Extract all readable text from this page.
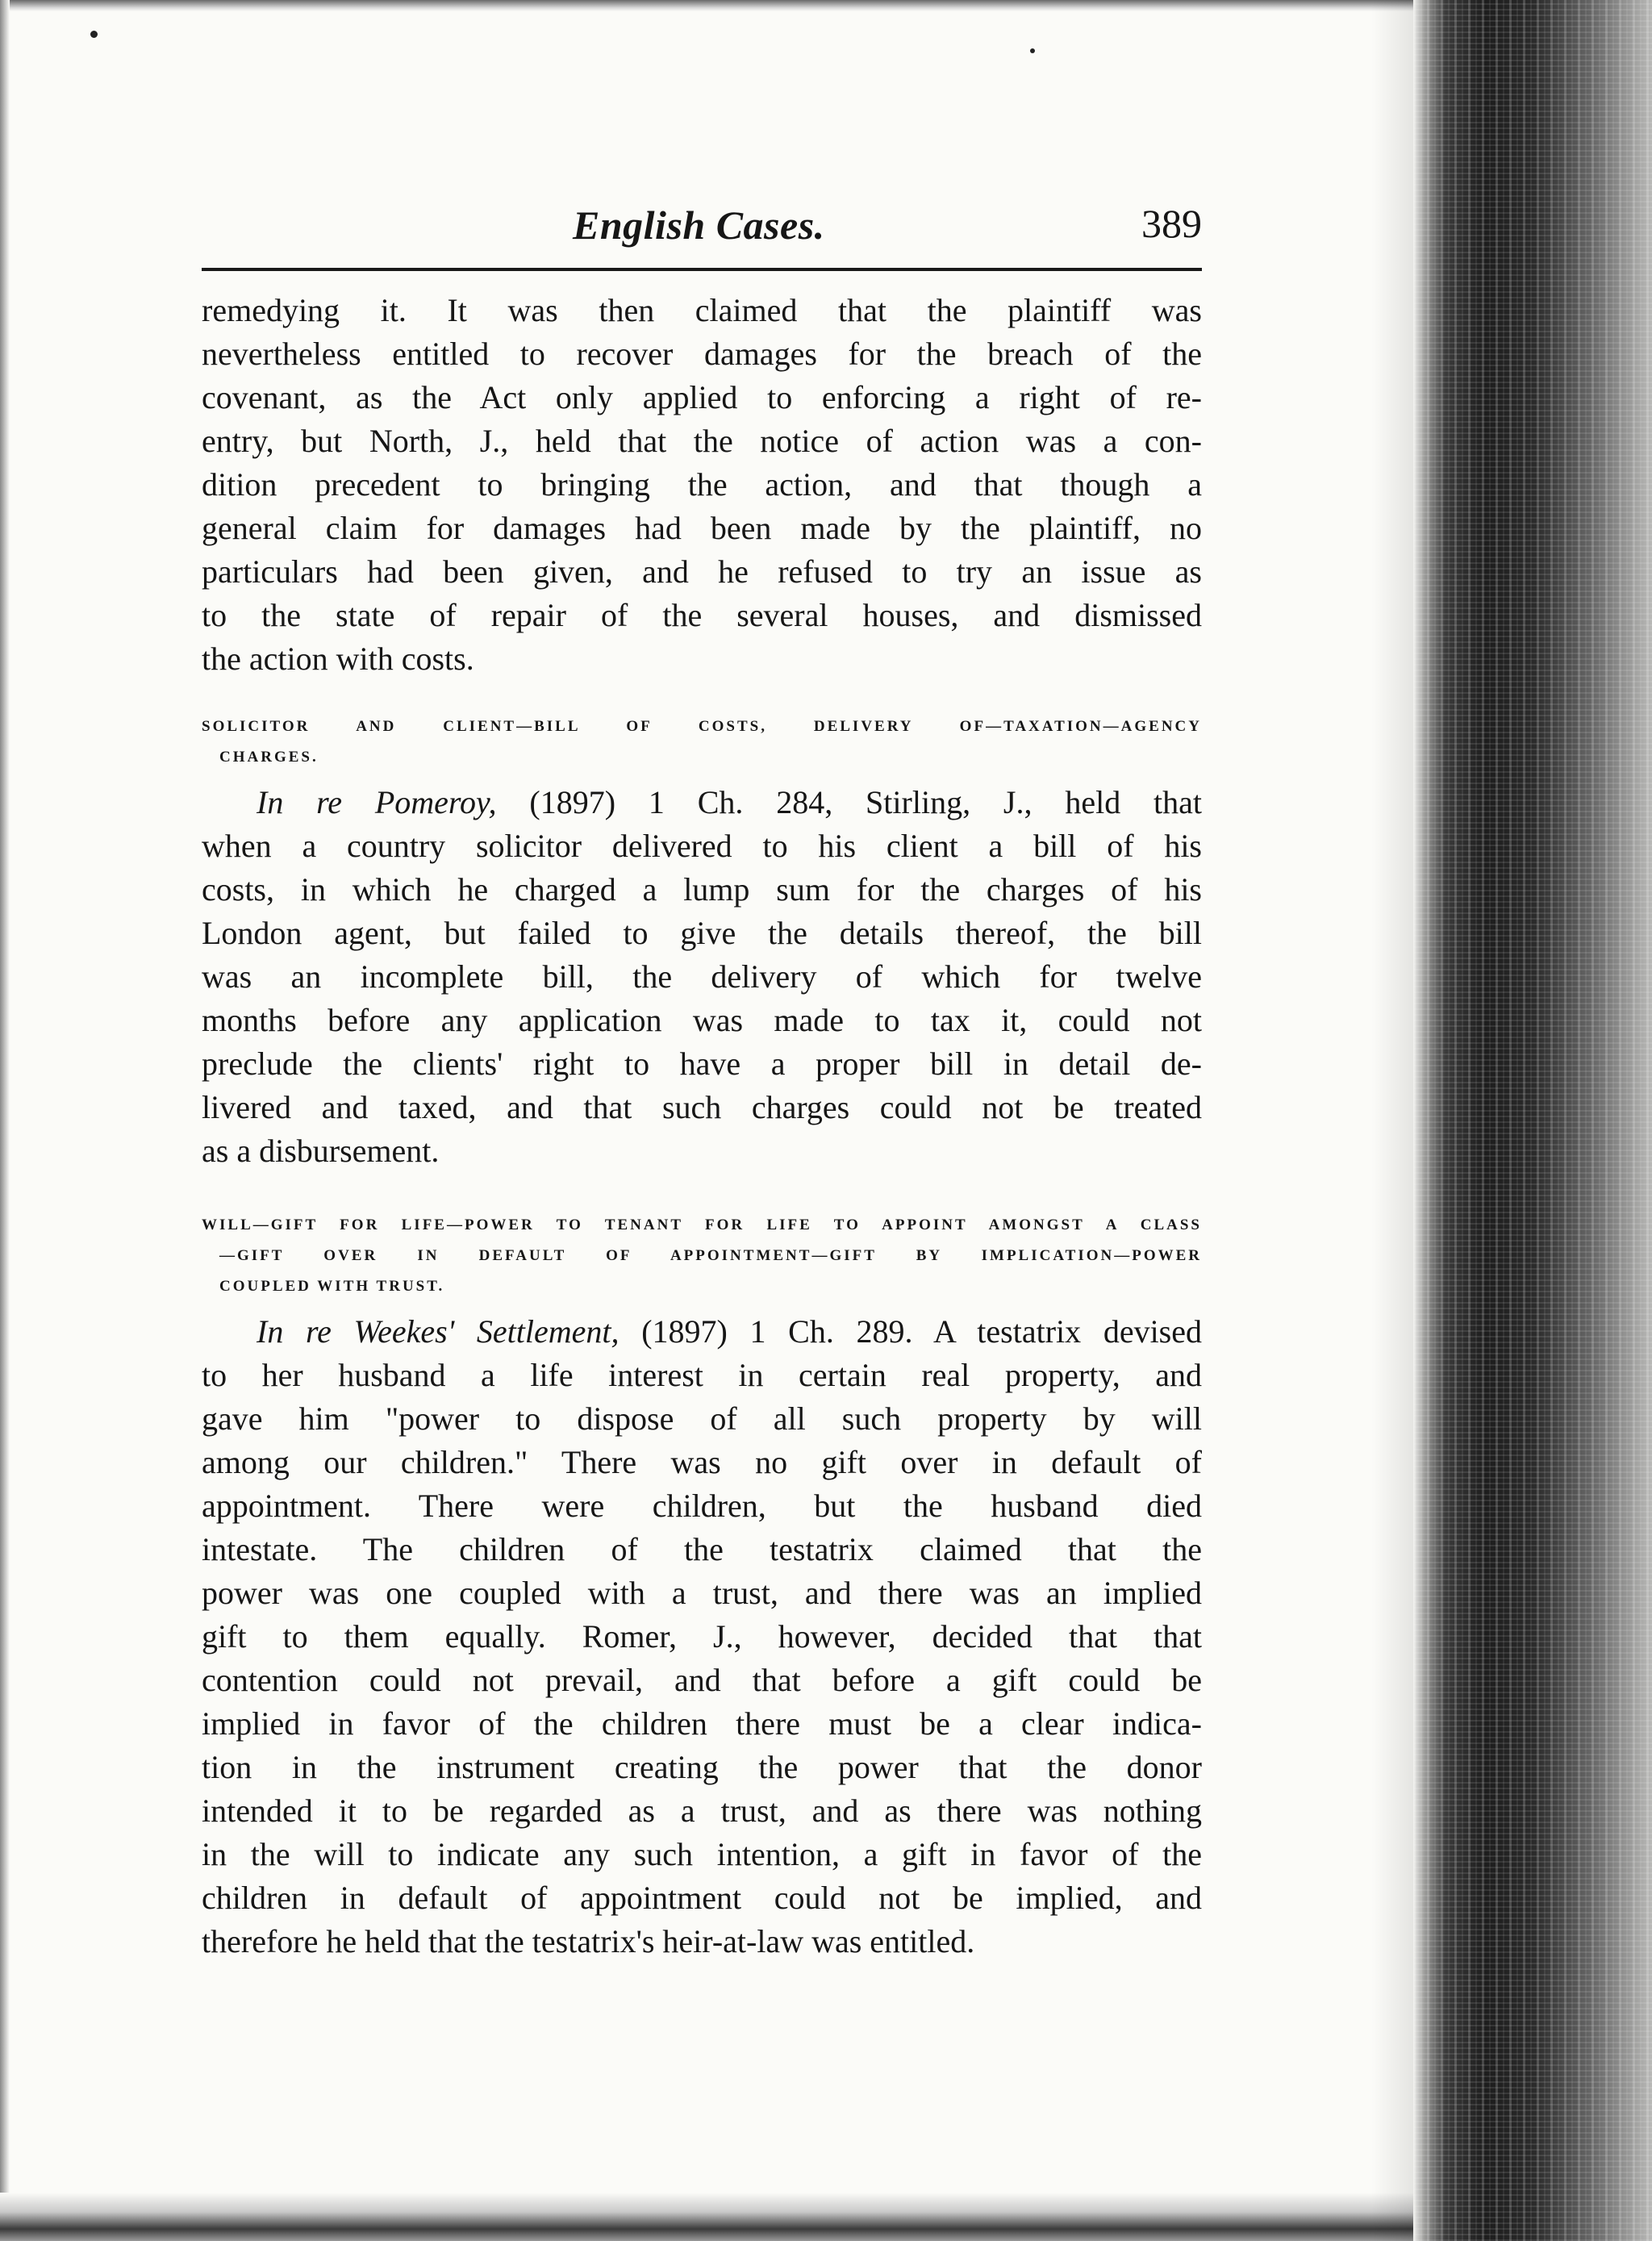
English Cases.	389
remedying it. It was then claimed that the plaintiff was
nevertheless entitled to recover damages for the breach of the
covenant, as the Act only applied to enforcing a right of re-
entry, but North, J., held that the notice of action was a con-
dition precedent to bringing the action, and that though a
general claim for damages had been made by the plaintiff, no
particulars had been given, and he refused to try an issue as
to the state of repair of the several houses, and dismissed
the action with costs.
SOLICITOR AND CLIENT—BILL OF COSTS, DELIVERY OF—TAXATION—AGENCY
CHARGES.
In re Pomeroy, (1897) 1 Ch. 284, Stirling, J., held that
when a country solicitor delivered to his client a bill of his
costs, in which he charged a lump sum for the charges of his
London agent, but failed to give the details thereof, the bill
was an incomplete bill, the delivery of which for twelve
months before any application was made to tax it, could not
preclude the clients' right to have a proper bill in detail de-
livered and taxed, and that such charges could not be treated
as a disbursement.
WILL—GIFT FOR LIFE—POWER TO TENANT FOR LIFE TO APPOINT AMONGST A CLASS
—GIFT OVER IN DEFAULT OF APPOINTMENT—GIFT BY IMPLICATION—POWER
COUPLED WITH TRUST.
In re Weekes' Settlement, (1897) 1 Ch. 289. A testatrix devised
to her husband a life interest in certain real property, and
gave him "power to dispose of all such property by will
among our children." There was no gift over in default of
appointment. There were children, but the husband died
intestate. The children of the testatrix claimed that the
power was one coupled with a trust, and there was an implied
gift to them equally. Romer, J., however, decided that that
contention could not prevail, and that before a gift could be
implied in favor of the children there must be a clear indica-
tion in the instrument creating the power that the donor
intended it to be regarded as a trust, and as there was nothing
in the will to indicate any such intention, a gift in favor of the
children in default of appointment could not be implied, and
therefore he held that the testatrix's heir-at-law was entitled.
